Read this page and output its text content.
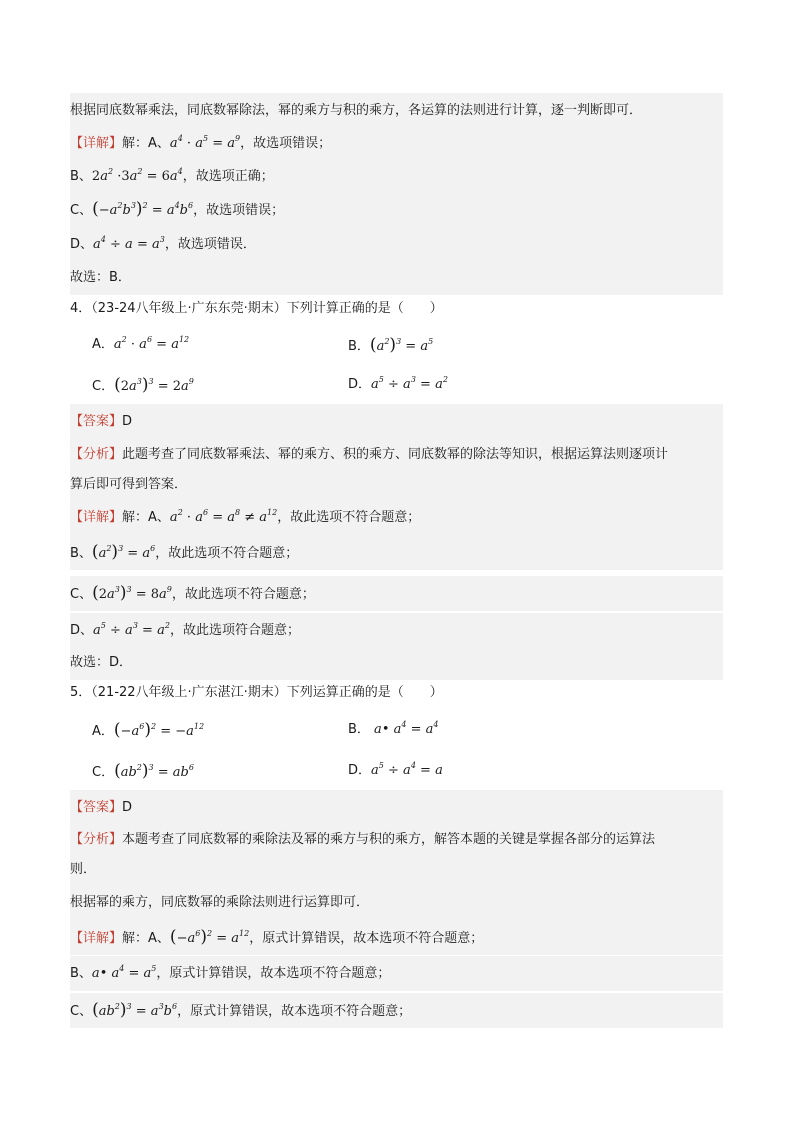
根据同底数幂乘法，同底数幂除法，幂的乘方与积的乘方，各运算的法则进行计算，逐一判断即可．
【详解】解：A、$a^4 \cdot a^5 = a^9$，故选项错误；
B、$2a^2 \cdot 3a^2 = 6a^4$，故选项正确；
C、$(-a^2b^3)^2 = a^4b^6$，故选项错误；
D、$a^4 \div a = a^3$，故选项错误．
故选：B．
4．（23-24八年级上·广东东莞·期末）下列计算正确的是（　　）
A．$a^2 \cdot a^6 = a^{12}$	B．$(a^2)^3 = a^5$
C．$(2a^3)^3 = 2a^9$	D．$a^5 \div a^3 = a^2$
【答案】D
【分析】此题考查了同底数幂乘法、幂的乘方、积的乘方、同底数幂的除法等知识，根据运算法则逐项计
算后即可得到答案．
【详解】解：A、$a^2 \cdot a^6 = a^8 \ne a^{12}$，故此选项不符合题意；
B、$(a^2)^3 = a^6$，故此选项不符合题意；
C、$(2a^3)^3 = 8a^9$，故此选项不符合题意；
D、$a^5 \div a^3 = a^2$，故此选项符合题意；
故选：D．
5．（21-22八年级上·广东湛江·期末）下列运算正确的是（　　）
A．$(-a^6)^2 = -a^{12}$	B． a• $a^4 = a^4$
C．$(ab^2)^3 = ab^6$	D．$a^5 \div a^4 = a$
【答案】D
【分析】本题考查了同底数幂的乘除法及幂的乘方与积的乘方，解答本题的关键是掌握各部分的运算法
则．
根据幂的乘方，同底数幂的乘除法则进行运算即可．
【详解】解：A、$(-a^6)^2 = a^{12}$，原式计算错误，故本选项不符合题意；
B、a• $a^4 = a^5$，原式计算错误，故本选项不符合题意；
C、$(ab^2)^3 = a^3b^6$，原式计算错误，故本选项不符合题意；
